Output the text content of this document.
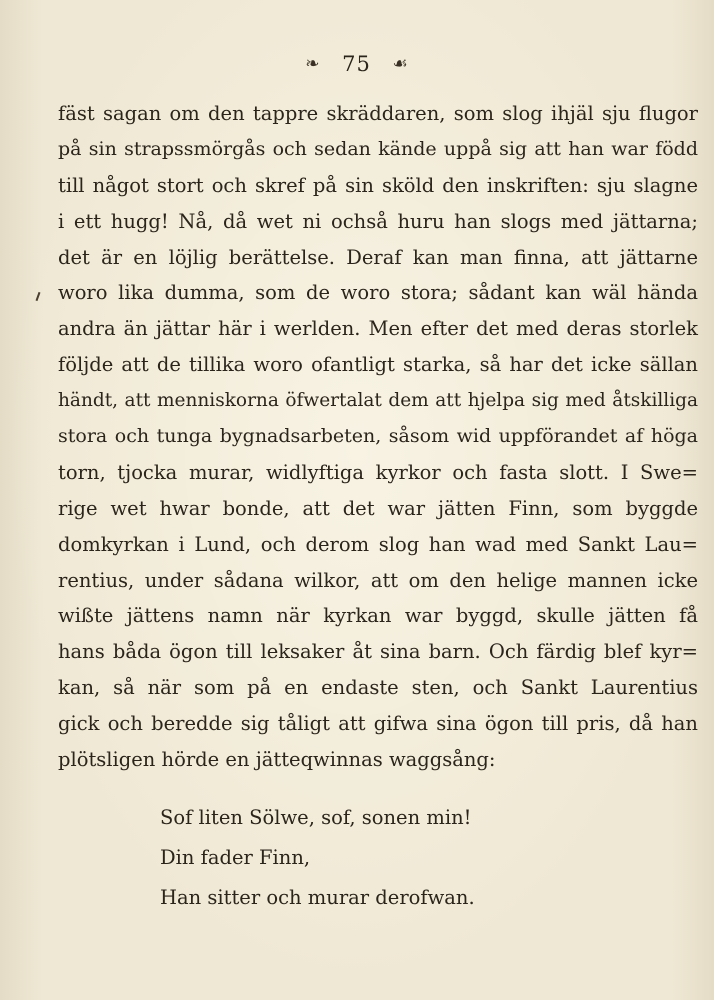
❧ 75 ☙

fäst sagan om den tappre skräddaren, som slog ihjäl sju flugor
på sin strapssmörgås och sedan kände uppå sig att han war född
till något stort och skref på sin sköld den inskriften: sju slagne
i ett hugg! Nå, då wet ni ochså huru han slogs med jättarna;
det är en löjlig berättelse. Deraf kan man finna, att jättarne
woro lika dumma, som de woro stora; sådant kan wäl hända
andra än jättar här i werlden. Men efter det med deras storlek
följde att de tillika woro ofantligt starka, så har det icke sällan
händt, att menniskorna öfwertalat dem att hjelpa sig med åtskilliga
stora och tunga bygnadsarbeten, såsom wid uppförandet af höga
torn, tjocka murar, widlyftiga kyrkor och fasta slott. I Swe=
rige wet hwar bonde, att det war jätten Finn, som byggde
domkyrkan i Lund, och derom slog han wad med Sankt Lau=
rentius, under sådana wilkor, att om den helige mannen icke
wißte jättens namn när kyrkan war byggd, skulle jätten få
hans båda ögon till leksaker åt sina barn. Och färdig blef kyr=
kan, så när som på en endaste sten, och Sankt Laurentius
gick och beredde sig tåligt att gifwa sina ögon till pris, då han
plötsligen hörde en jätteqwinnas waggsång:

Sof liten Sölwe, sof, sonen min!
Din fader Finn,
Han sitter och murar derofwan.
